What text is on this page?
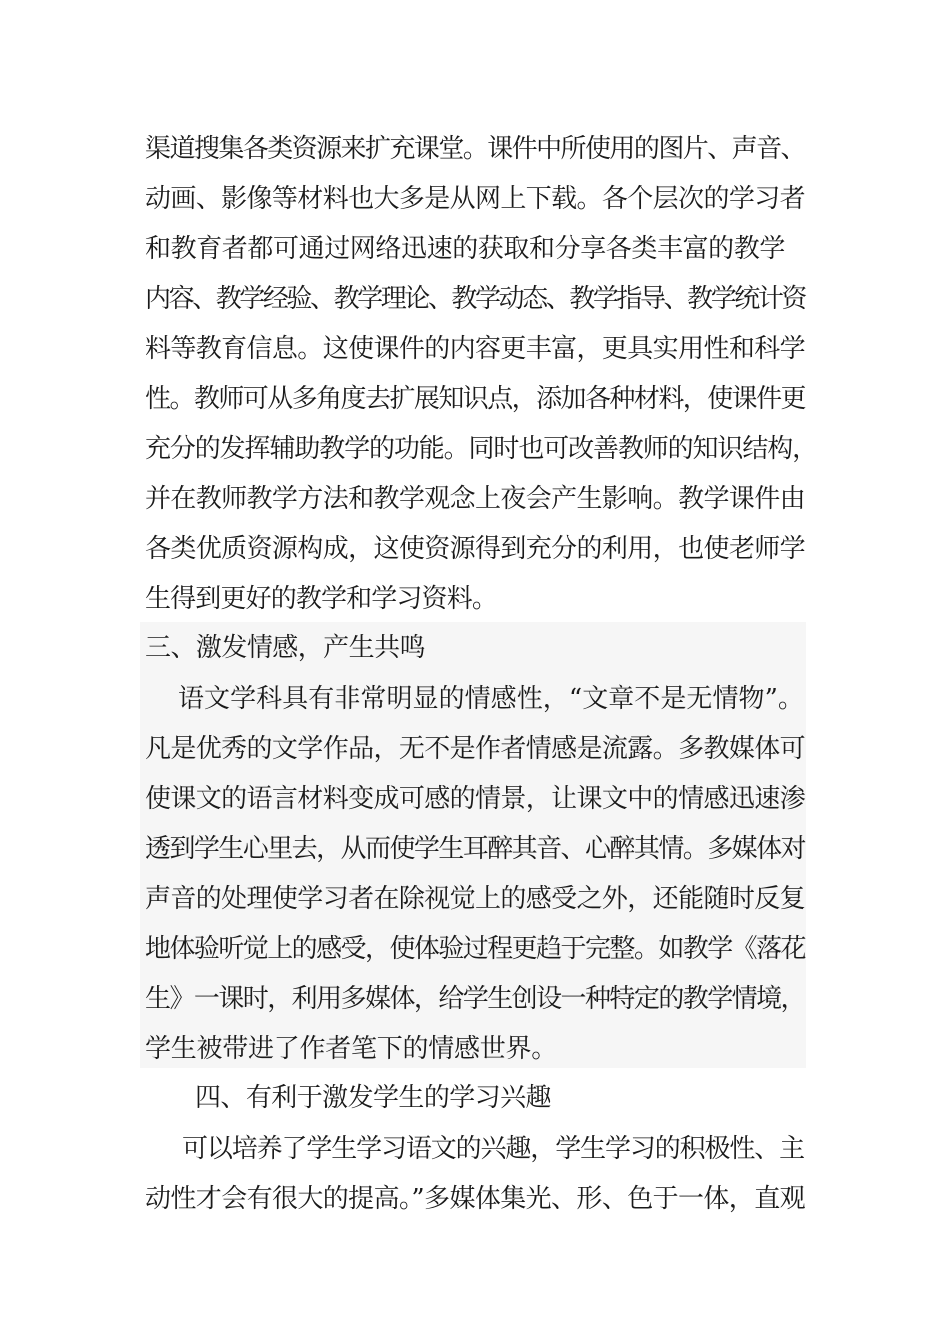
渠道搜集各类资源来扩充课堂。课件中所使用的图片、声音、
动画、影像等材料也大多是从网上下载。各个层次的学习者
和教育者都可通过网络迅速的获取和分享各类丰富的教学
内容、教学经验、教学理论、教学动态、教学指导、教学统计资
料等教育信息。这使课件的内容更丰富，更具实用性和科学
性。教师可从多角度去扩展知识点，添加各种材料，使课件更
充分的发挥辅助教学的功能。同时也可改善教师的知识结构，
并在教师教学方法和教学观念上夜会产生影响。教学课件由
各类优质资源构成，这使资源得到充分的利用，也使老师学
生得到更好的教学和学习资料。
三、激发情感，产生共鸣
语文学科具有非常明显的情感性，“文章不是无情物”。
凡是优秀的文学作品，无不是作者情感是流露。多教媒体可
使课文的语言材料变成可感的情景，让课文中的情感迅速渗
透到学生心里去，从而使学生耳醉其音、心醉其情。多媒体对
声音的处理使学习者在除视觉上的感受之外，还能随时反复
地体验听觉上的感受，使体验过程更趋于完整。如教学《落花
生》一课时，利用多媒体，给学生创设一种特定的教学情境，
学生被带进了作者笔下的情感世界。
四、有利于激发学生的学习兴趣
可以培养了学生学习语文的兴趣，学生学习的积极性、主
动性才会有很大的提高。”多媒体集光、形、色于一体，直观
